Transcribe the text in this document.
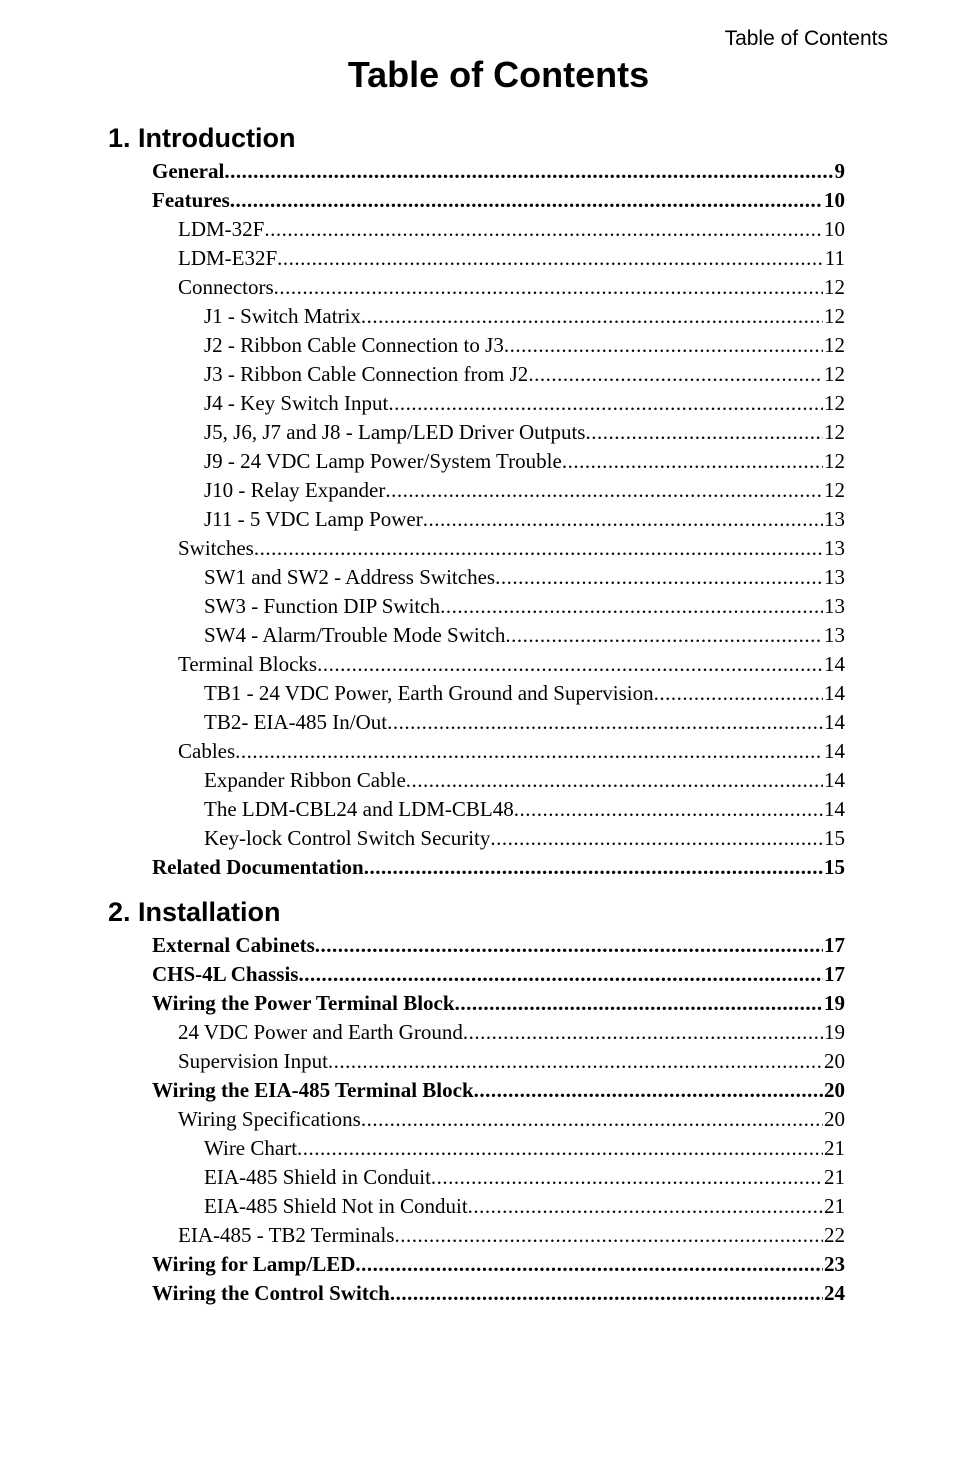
Table of Contents
Table of Contents
1. Introduction
General .....	9
Features .....	10
LDM-32F .....	10
LDM-E32F .....	11
Connectors .....	12
J1 - Switch Matrix .....	12
J2 - Ribbon Cable Connection to J3 .....	12
J3 - Ribbon Cable Connection from J2 .....	12
J4 - Key Switch Input .....	12
J5, J6, J7 and J8 - Lamp/LED Driver Outputs .....	12
J9 - 24 VDC Lamp Power/System Trouble .....	12
J10 - Relay Expander .....	12
J11 - 5 VDC Lamp Power .....	13
Switches .....	13
SW1 and SW2 - Address Switches .....	13
SW3 - Function DIP Switch .....	13
SW4 - Alarm/Trouble Mode Switch .....	13
Terminal Blocks .....	14
TB1 - 24 VDC Power, Earth Ground and Supervision .....	14
TB2- EIA-485 In/Out .....	14
Cables .....	14
Expander Ribbon Cable .....	14
The LDM-CBL24 and LDM-CBL48 .....	14
Key-lock Control Switch Security .....	15
Related Documentation .....	15
2. Installation
External Cabinets .....	17
CHS-4L Chassis .....	17
Wiring the Power Terminal Block .....	19
24 VDC Power and Earth Ground .....	19
Supervision Input .....	20
Wiring the EIA-485 Terminal Block .....	20
Wiring Specifications .....	20
Wire Chart .....	21
EIA-485 Shield in Conduit .....	21
EIA-485 Shield Not in Conduit .....	21
EIA-485 - TB2 Terminals .....	22
Wiring for Lamp/LED .....	23
Wiring the Control Switch .....	24
